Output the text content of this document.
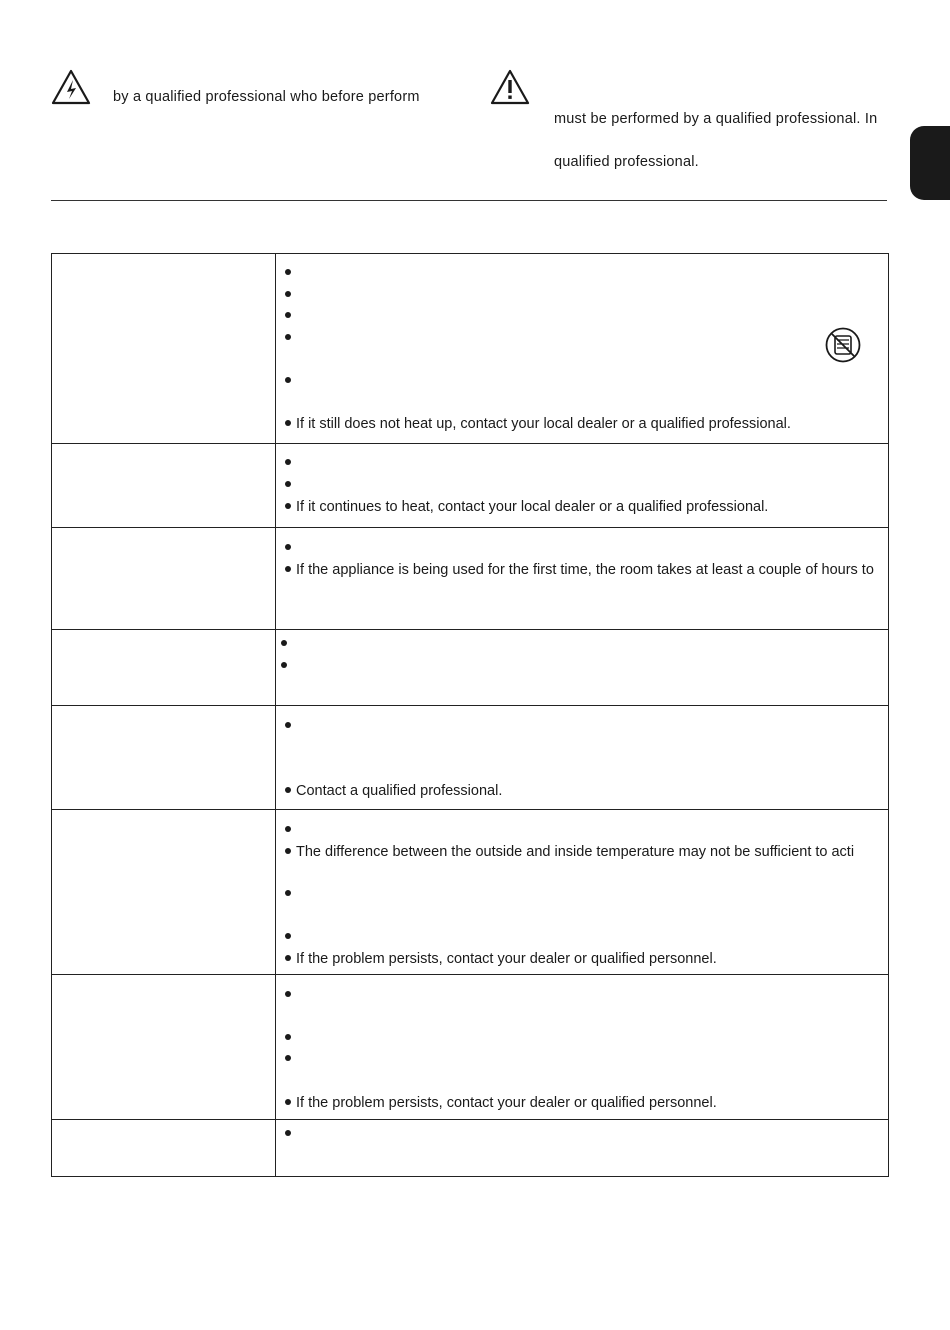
by a qualified professional who before perform
must be performed by a qualified professional. In
qualified professional.

	If it still does not heat up, contact your local dealer or a qualified professional.

	If it continues to heat, contact your local dealer or a qualified professional.

	If the appliance is being used for the first time, the room takes at least a couple of hours to

	Contact a qualified professional.

	The difference between the outside and inside temperature may not be sufficient to acti
If the problem persists, contact your dealer or qualified personnel.

	If the problem persists, contact your dealer or qualified personnel.
